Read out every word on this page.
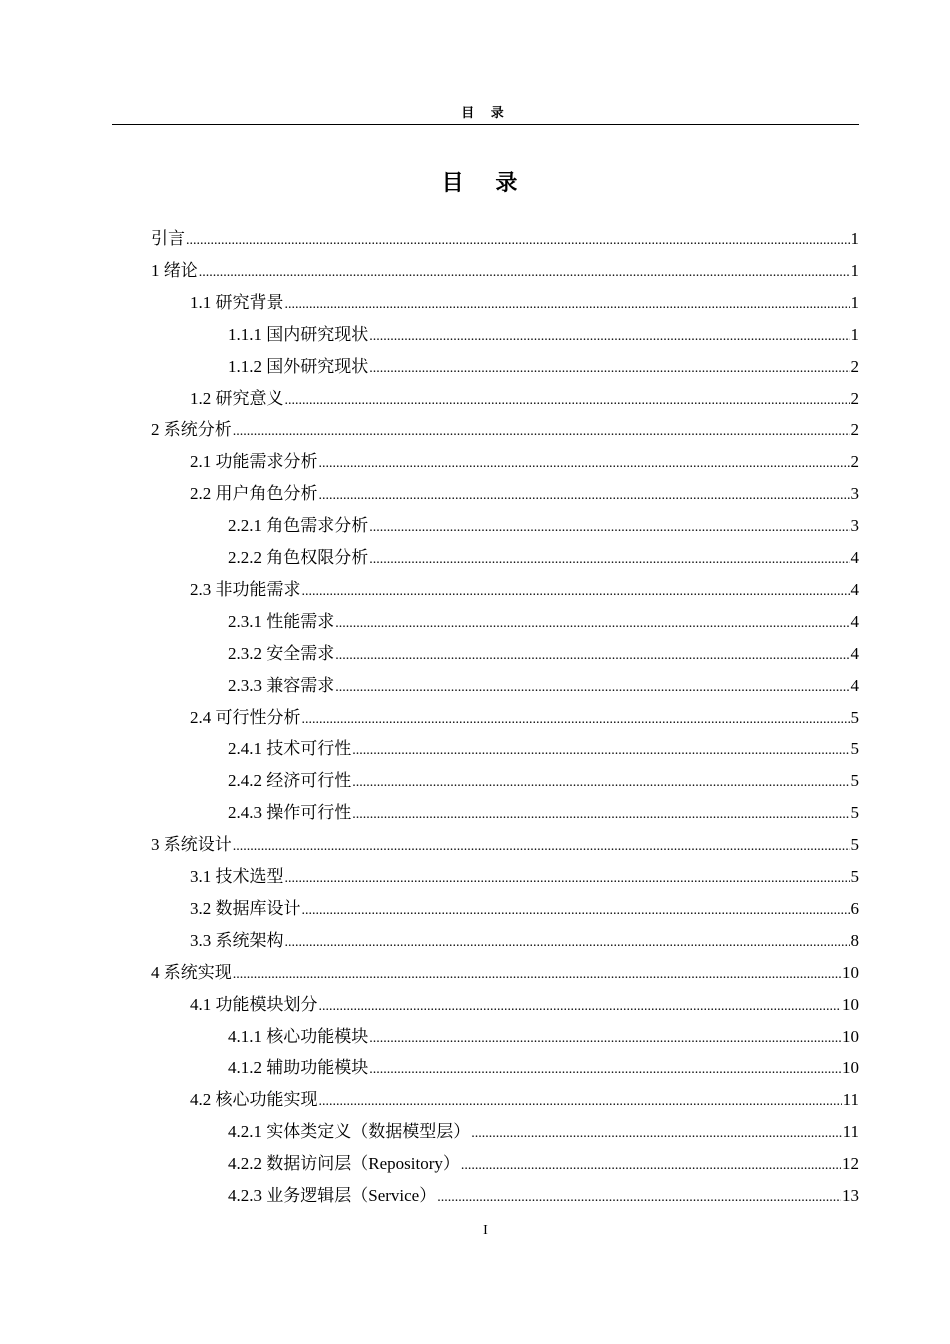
目 录
目 录
引言 .....	1
1 绪论 .....	1
1.1 研究背景 .....	1
1.1.1 国内研究现状 .....	1
1.1.2 国外研究现状 .....	2
1.2 研究意义 .....	2
2 系统分析 .....	2
2.1 功能需求分析 .....	2
2.2 用户角色分析 .....	3
2.2.1 角色需求分析 .....	3
2.2.2 角色权限分析 .....	4
2.3 非功能需求 .....	4
2.3.1 性能需求 .....	4
2.3.2 安全需求 .....	4
2.3.3 兼容需求 .....	4
2.4 可行性分析 .....	5
2.4.1 技术可行性 .....	5
2.4.2 经济可行性 .....	5
2.4.3 操作可行性 .....	5
3 系统设计 .....	5
3.1 技术选型 .....	5
3.2 数据库设计 .....	6
3.3 系统架构 .....	8
4 系统实现 .....	10
4.1 功能模块划分 .....	10
4.1.1 核心功能模块 .....	10
4.1.2 辅助功能模块 .....	10
4.2 核心功能实现 .....	11
4.2.1 实体类定义（数据模型层） .....	11
4.2.2 数据访问层（Repository） .....	12
4.2.3 业务逻辑层（Service） .....	13
I
